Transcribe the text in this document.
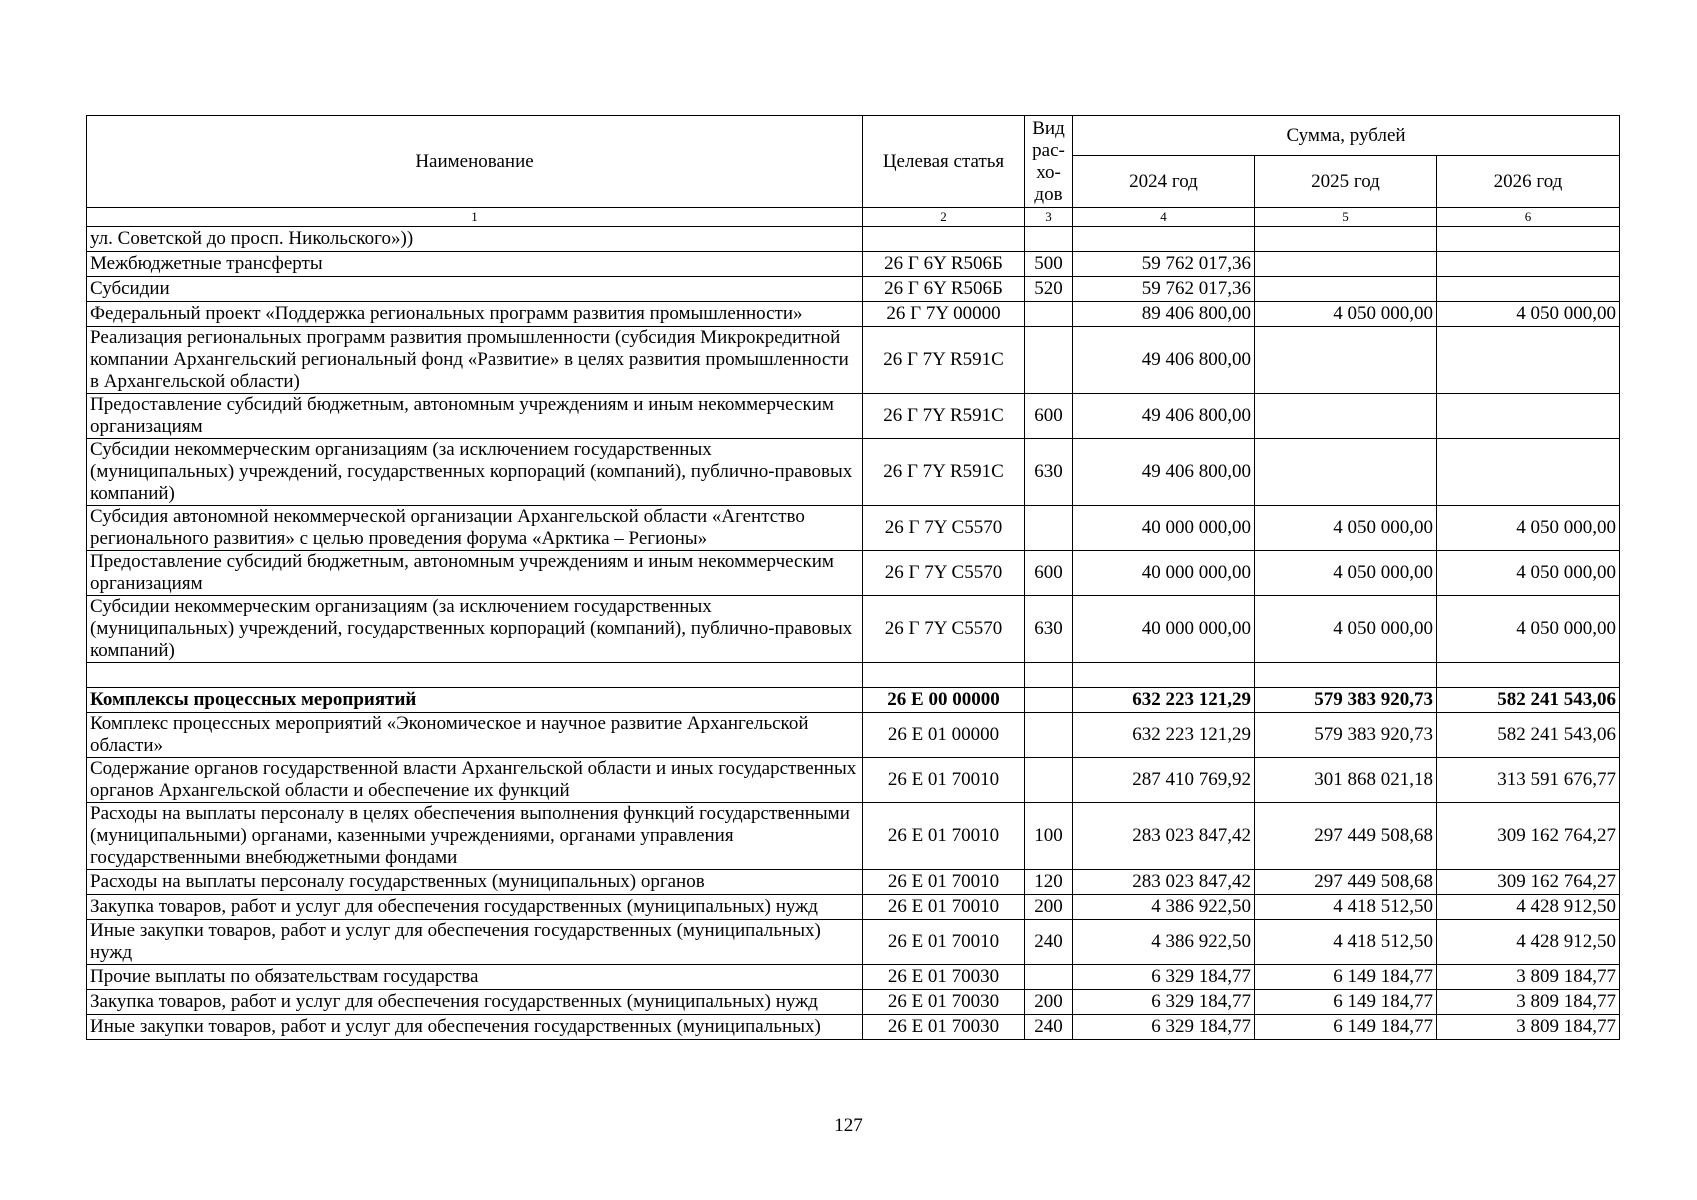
Наименование	Целевая статья	Вид рас-хо-дов	Сумма, рублей		
			2024 год	2025 год	2026 год
1	2	3	4	5	6
ул. Советской до просп. Никольского»))					
Межбюджетные трансферты	26 Г 6Y R506Б	500	59 762 017,36		
Субсидии	26 Г 6Y R506Б	520	59 762 017,36		
Федеральный проект «Поддержка региональных программ развития промышленности»	26 Г 7Y 00000		89 406 800,00	4 050 000,00	4 050 000,00
Реализация региональных программ развития промышленности (субсидия Микрокредитной компании Архангельский региональный фонд «Развитие» в целях развития промышленности в Архангельской области)	26 Г 7Y R591C		49 406 800,00		
Предоставление субсидий бюджетным, автономным учреждениям и иным некоммерческим организациям	26 Г 7Y R591C	600	49 406 800,00		
Субсидии некоммерческим организациям (за исключением государственных (муниципальных) учреждений, государственных корпораций (компаний), публично-правовых компаний)	26 Г 7Y R591C	630	49 406 800,00		
Субсидия автономной некоммерческой организации Архангельской области «Агентство регионального развития» с целью проведения форума «Арктика – Регионы»	26 Г 7Y C5570		40 000 000,00	4 050 000,00	4 050 000,00
Предоставление субсидий бюджетным, автономным учреждениям и иным некоммерческим организациям	26 Г 7Y C5570	600	40 000 000,00	4 050 000,00	4 050 000,00
Субсидии некоммерческим организациям (за исключением государственных (муниципальных) учреждений, государственных корпораций (компаний), публично-правовых компаний)	26 Г 7Y C5570	630	40 000 000,00	4 050 000,00	4 050 000,00

Комплексы процессных мероприятий	26 Е 00 00000		632 223 121,29	579 383 920,73	582 241 543,06
Комплекс процессных мероприятий «Экономическое и научное развитие Архангельской области»	26 Е 01 00000		632 223 121,29	579 383 920,73	582 241 543,06
Содержание органов государственной власти Архангельской области и иных государственных органов Архангельской области и обеспечение их функций	26 Е 01 70010		287 410 769,92	301 868 021,18	313 591 676,77
Расходы на выплаты персоналу в целях обеспечения выполнения функций государственными (муниципальными) органами, казенными учреждениями, органами управления государственными внебюджетными фондами	26 Е 01 70010	100	283 023 847,42	297 449 508,68	309 162 764,27
Расходы на выплаты персоналу государственных (муниципальных) органов	26 Е 01 70010	120	283 023 847,42	297 449 508,68	309 162 764,27
Закупка товаров, работ и услуг для обеспечения государственных (муниципальных) нужд	26 Е 01 70010	200	4 386 922,50	4 418 512,50	4 428 912,50
Иные закупки товаров, работ и услуг для обеспечения государственных (муниципальных) нужд	26 Е 01 70010	240	4 386 922,50	4 418 512,50	4 428 912,50
Прочие выплаты по обязательствам государства	26 Е 01 70030		6 329 184,77	6 149 184,77	3 809 184,77
Закупка товаров, работ и услуг для обеспечения государственных (муниципальных) нужд	26 Е 01 70030	200	6 329 184,77	6 149 184,77	3 809 184,77
Иные закупки товаров, работ и услуг для обеспечения государственных (муниципальных)	26 Е 01 70030	240	6 329 184,77	6 149 184,77	3 809 184,77
127
